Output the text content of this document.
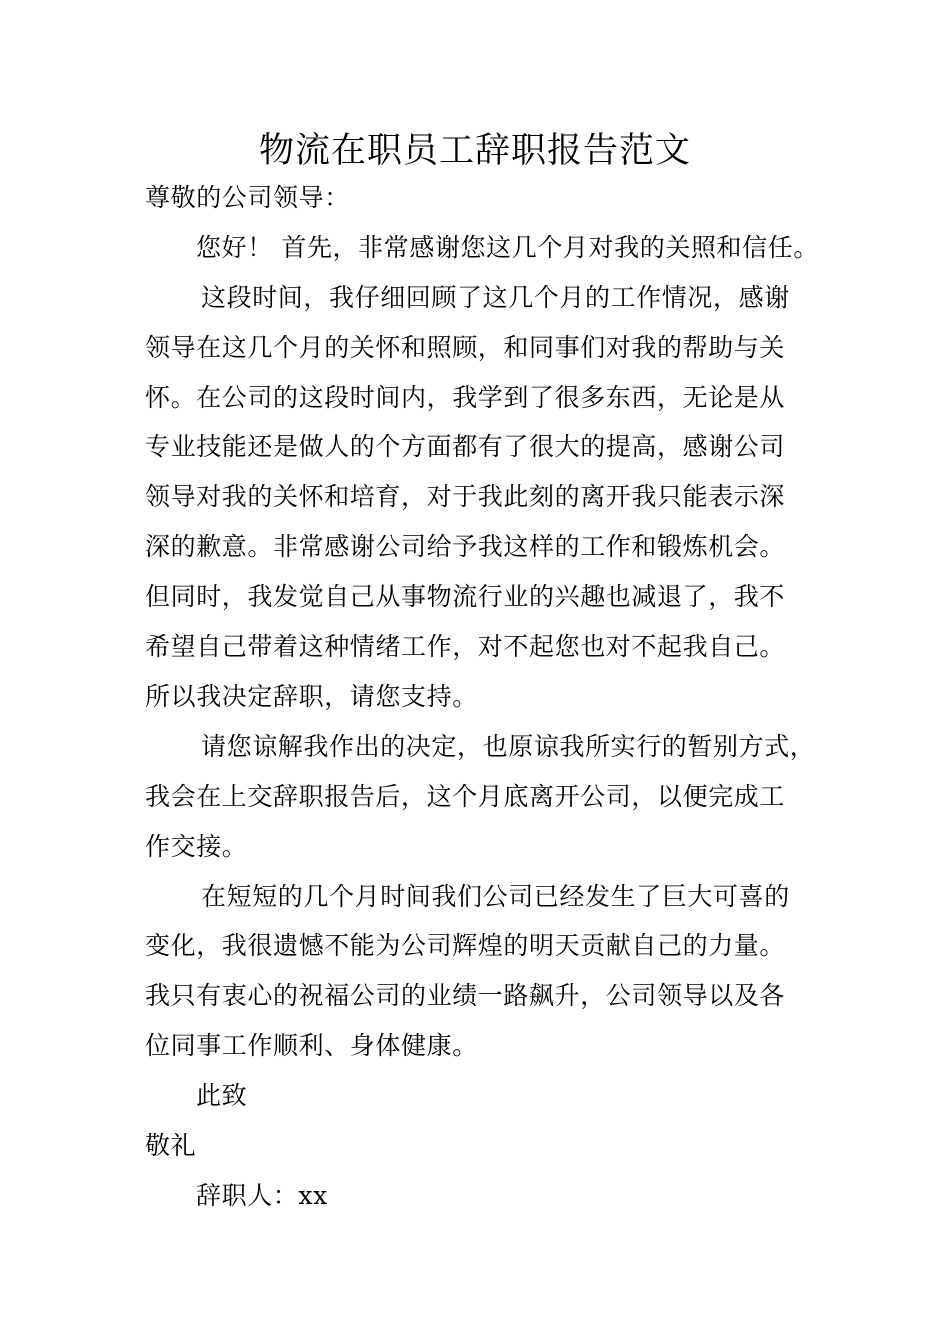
物流在职员工辞职报告范文
尊敬的公司领导：
您好！ 首先，非常感谢您这几个月对我的关照和信任。
这段时间，我仔细回顾了这几个月的工作情况，感谢
领导在这几个月的关怀和照顾，和同事们对我的帮助与关
怀。在公司的这段时间内，我学到了很多东西，无论是从
专业技能还是做人的个方面都有了很大的提高，感谢公司
领导对我的关怀和培育，对于我此刻的离开我只能表示深
深的歉意。非常感谢公司给予我这样的工作和锻炼机会。
但同时，我发觉自己从事物流行业的兴趣也减退了，我不
希望自己带着这种情绪工作，对不起您也对不起我自己。
所以我决定辞职，请您支持。
请您谅解我作出的决定，也原谅我所实行的暂别方式，
我会在上交辞职报告后，这个月底离开公司，以便完成工
作交接。
在短短的几个月时间我们公司已经发生了巨大可喜的
变化，我很遗憾不能为公司辉煌的明天贡献自己的力量。
我只有衷心的祝福公司的业绩一路飙升，公司领导以及各
位同事工作顺利、身体健康。
此致
敬礼
辞职人：xx
